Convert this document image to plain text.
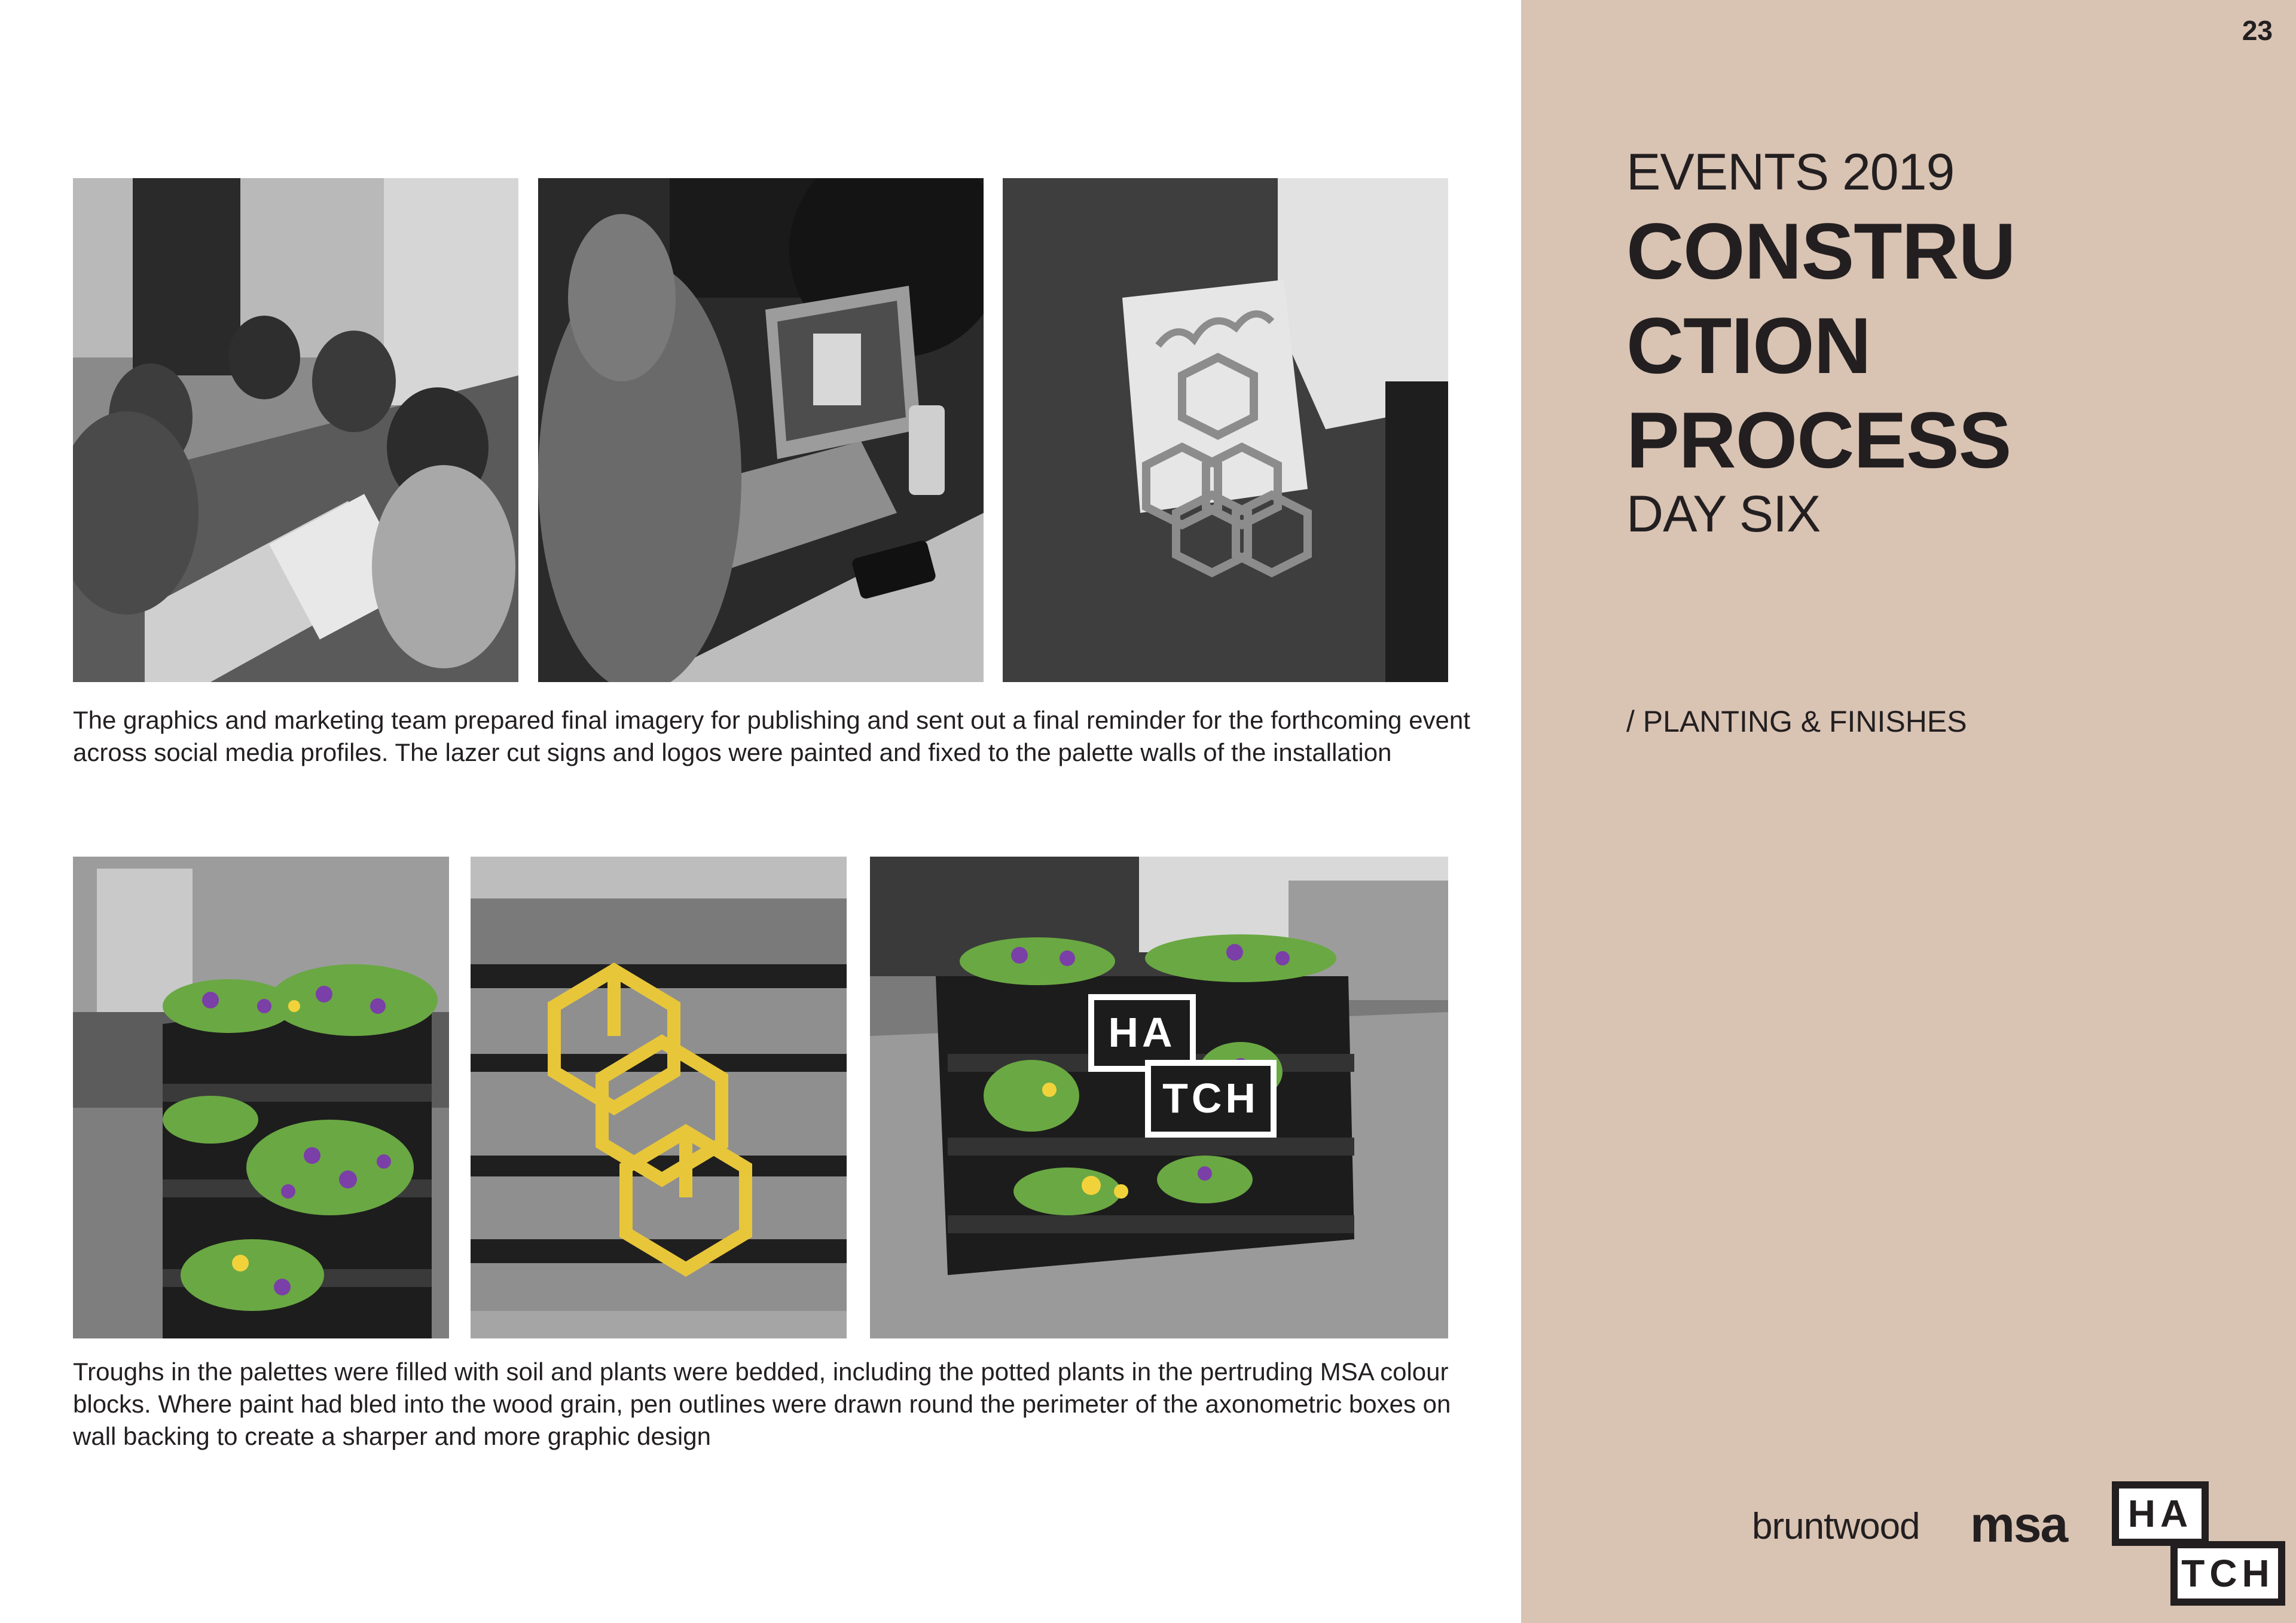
23
EVENTS 2019
CONSTRU
CTION
PROCESS
DAY SIX
/ PLANTING & FINISHES
The graphics and marketing team prepared final imagery for publishing and sent out a final reminder for the forthcoming event across social media profiles. The lazer cut signs and logos were painted and fixed to the palette walls of the installation
HA
TCH
Troughs in the palettes were filled with soil and plants were bedded, including the potted plants in the pertruding MSA colour blocks. Where paint had bled into the wood grain, pen outlines were drawn round the perimeter of the axonometric boxes on wall backing to create a sharper and more graphic design
bruntwood msa	HA
TCH
